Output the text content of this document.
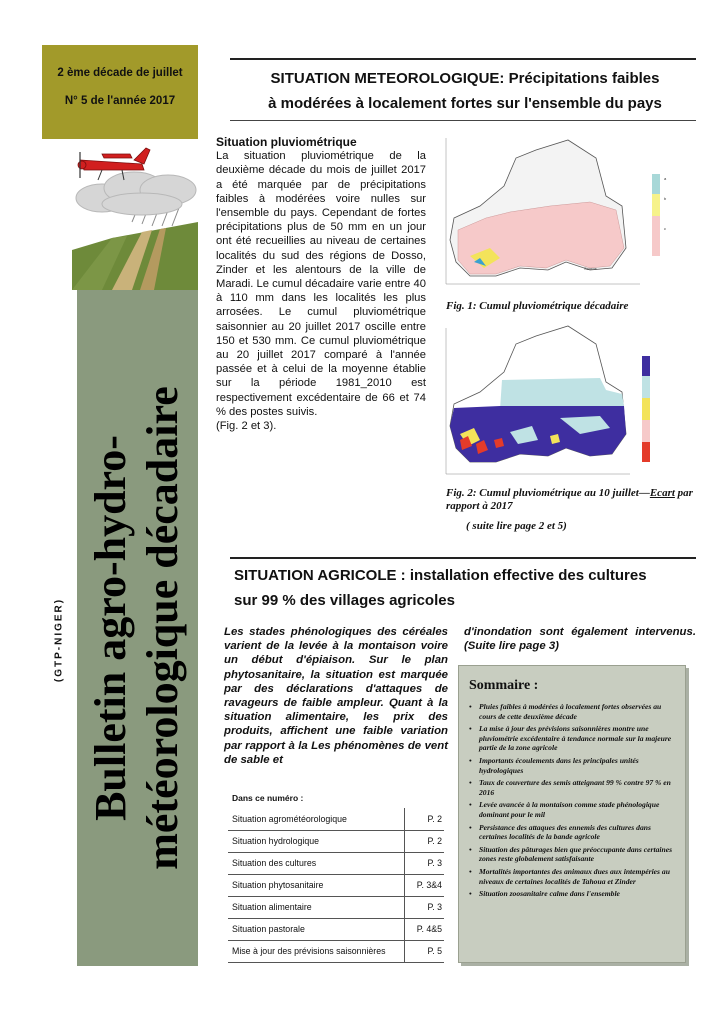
2 ème décade de juillet
N° 5 de l'année 2017
(GTP-NIGER) Bulletin agro-hydro- météorologique décadaire
SITUATION METEOROLOGIQUE: Précipitations faibles
à modérées à localement fortes sur l'ensemble du pays
Situation pluviométrique

La situation pluviométrique de la deuxième décade du mois de juillet 2017 a été marquée par de précipitations faibles à modérées voire nulles sur l'ensemble du pays. Cependant de fortes précipitations plus de 50 mm en un jour ont été recueillies au niveau de certaines localités du sud des régions de Dosso, Zinder et les alentours de la ville de Maradi. Le cumul décadaire varie entre 40 à 110 mm dans les localités les plus arrosées. Le cumul pluviométrique saisonnier au 20 juillet 2017 oscille entre 150 et 530 mm. Ce cumul pluviométrique au 20 juillet 2017 comparé à l'année passée et à celui de la moyenne établie sur la période 1981_2010 est respectivement excédentaire de 66 et 74 % des postes suivis.

(Fig. 2 et 3).

a
b
c
Source
Fig. 1: Cumul pluviométrique décadaire
Fig. 2: Cumul pluviométrique au 10 juillet—Ecart par rapport à 2017
( suite lire page 2 et 5)
SITUATION AGRICOLE : installation effective des cultures
sur 99 % des villages agricoles
Les stades phénologiques des céréales varient de la levée à la montaison voire un début d'épiaison. Sur le plan phytosanitaire, la situation est marquée par des déclarations d'attaques de ravageurs de faible ampleur. Quant à la situation alimentaire, les prix des produits, affichent une faible variation par rapport à la Les phénomènes de vent de sable et
d'inondation sont également intervenus. (Suite lire page 3)
Dans ce numéro :
Situation agrométéorologique	P. 2
Situation hydrologique	P. 2
Situation des cultures	P. 3
Situation phytosanitaire	P. 3&4
Situation alimentaire	P. 3
Situation pastorale	P. 4&5
Mise à jour des prévisions saisonnières	P. 5
Sommaire :
• Pluies faibles à modérées à localement fortes observées au cours de cette deuxième décade
• La mise à jour des prévisions saisonnières montre une pluviométrie excédentaire à tendance normale sur la majeure partie de la zone agricole
• Importants écoulements dans les principales unités hydrologiques
• Taux de couverture des semis atteignant 99 % contre 97 % en 2016
• Levée avancée à la montaison comme stade phénologique dominant pour le mil
• Persistance des attaques des ennemis des cultures dans certaines localités de la bande agricole
• Situation des pâturages bien que préoccupante dans certaines zones reste globalement satisfaisante
• Mortalités importantes des animaux dues aux intempéries au niveaux de certaines localités de Tahoua et Zinder
• Situation zoosanitaire calme dans l'ensemble
